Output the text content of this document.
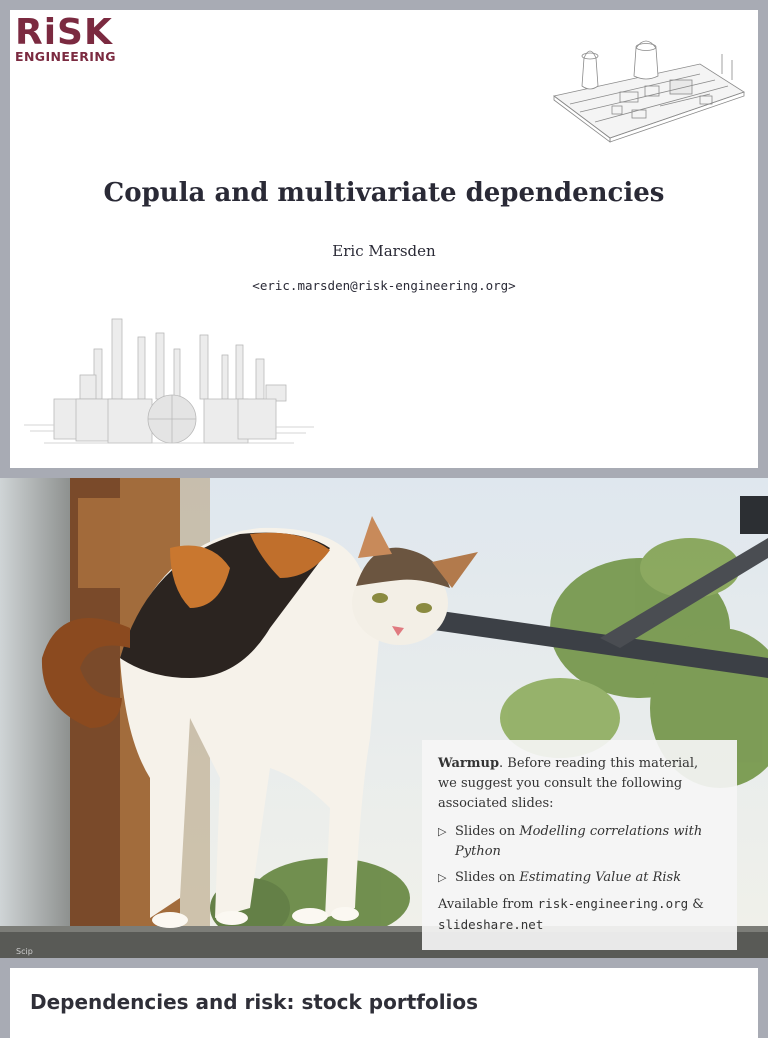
RiSK
ENGINEERING
Copula and multivariate dependencies
Eric Marsden
<eric.marsden@risk-engineering.org>
Scip

Warmup. Before reading this material, we suggest you consult the following associated slides:

▷ Slides on Modelling correlations with Python
▷ Slides on Estimating Value at Risk
Available from risk-engineering.org & slideshare.net
Dependencies and risk: stock portfolios
